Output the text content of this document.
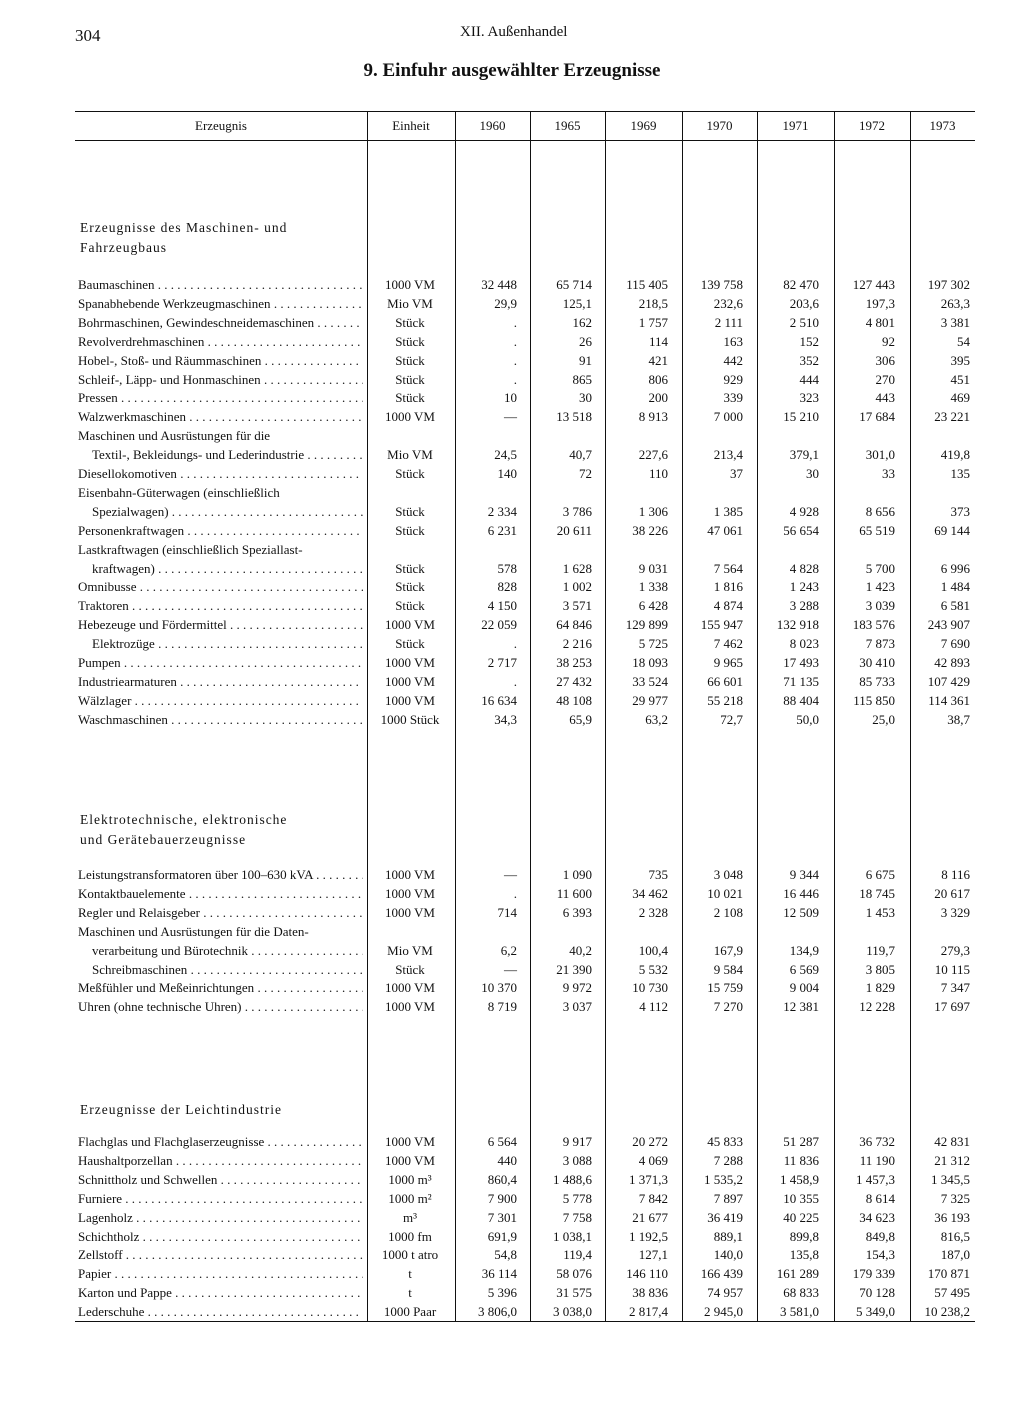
304	XII. Außenhandel
9. Einfuhr ausgewählter Erzeugnisse
Erzeugnis	Einheit	1960	1965	1969	1970	1971	1972	1973
Erzeugnisse des Maschinen- und
Fahrzeugbaus
Baumaschinen . . .	1000 VM	32 448	65 714	115 405	139 758	82 470	127 443	197 302
Spanabhebende Werkzeugmaschinen . . .	Mio VM	29,9	125,1	218,5	232,6	203,6	197,3	263,3
Bohrmaschinen, Gewindeschneidemaschinen . . .	Stück	.	162	1 757	2 111	2 510	4 801	3 381
Revolverdrehmaschinen . . .	Stück	.	26	114	163	152	92	54
Hobel-, Stoß- und Räummaschinen . . .	Stück	.	91	421	442	352	306	395
Schleif-, Läpp- und Honmaschinen . . .	Stück	.	865	806	929	444	270	451
Pressen . . .	Stück	10	30	200	339	323	443	469
Walzwerkmaschinen . . .	1000 VM	—	13 518	8 913	7 000	15 210	17 684	23 221
Maschinen und Ausrüstungen für die
Textil-, Bekleidungs- und Lederindustrie . . .	Mio VM	24,5	40,7	227,6	213,4	379,1	301,0	419,8
Diesellokomotiven . . .	Stück	140	72	110	37	30	33	135
Eisenbahn-Güterwagen (einschließlich
Spezialwagen) . . .	Stück	2 334	3 786	1 306	1 385	4 928	8 656	373
Personenkraftwagen . . .	Stück	6 231	20 611	38 226	47 061	56 654	65 519	69 144
Lastkraftwagen (einschließlich Speziallast-
kraftwagen) . . .	Stück	578	1 628	9 031	7 564	4 828	5 700	6 996
Omnibusse . . .	Stück	828	1 002	1 338	1 816	1 243	1 423	1 484
Traktoren . . .	Stück	4 150	3 571	6 428	4 874	3 288	3 039	6 581
Hebezeuge und Fördermittel . . .	1000 VM	22 059	64 846	129 899	155 947	132 918	183 576	243 907
Elektrozüge . . .	Stück	.	2 216	5 725	7 462	8 023	7 873	7 690
Pumpen . . .	1000 VM	2 717	38 253	18 093	9 965	17 493	30 410	42 893
Industriearmaturen . . .	1000 VM	.	27 432	33 524	66 601	71 135	85 733	107 429
Wälzlager . . .	1000 VM	16 634	48 108	29 977	55 218	88 404	115 850	114 361
Waschmaschinen . . .	1000 Stück	34,3	65,9	63,2	72,7	50,0	25,0	38,7
Elektrotechnische, elektronische
und Gerätebauerzeugnisse
Leistungstransformatoren über 100–630 kVA . . .	1000 VM	—	1 090	735	3 048	9 344	6 675	8 116
Kontaktbauelemente . . .	1000 VM	.	11 600	34 462	10 021	16 446	18 745	20 617
Regler und Relaisgeber . . .	1000 VM	714	6 393	2 328	2 108	12 509	1 453	3 329
Maschinen und Ausrüstungen für die Daten-
verarbeitung und Bürotechnik . . .	Mio VM	6,2	40,2	100,4	167,9	134,9	119,7	279,3
Schreibmaschinen . . .	Stück	—	21 390	5 532	9 584	6 569	3 805	10 115
Meßfühler und Meßeinrichtungen . . .	1000 VM	10 370	9 972	10 730	15 759	9 004	1 829	7 347
Uhren (ohne technische Uhren) . . .	1000 VM	8 719	3 037	4 112	7 270	12 381	12 228	17 697
Erzeugnisse der Leichtindustrie
Flachglas und Flachglaserzeugnisse . . .	1000 VM	6 564	9 917	20 272	45 833	51 287	36 732	42 831
Haushaltporzellan . . .	1000 VM	440	3 088	4 069	7 288	11 836	11 190	21 312
Schnittholz und Schwellen . . .	1000 m³	860,4	1 488,6	1 371,3	1 535,2	1 458,9	1 457,3	1 345,5
Furniere . . .	1000 m²	7 900	5 778	7 842	7 897	10 355	8 614	7 325
Lagenholz . . .	m³	7 301	7 758	21 677	36 419	40 225	34 623	36 193
Schichtholz . . .	1000 fm	691,9	1 038,1	1 192,5	889,1	899,8	849,8	816,5
Zellstoff . . .	1000 t atro	54,8	119,4	127,1	140,0	135,8	154,3	187,0
Papier . . .	t	36 114	58 076	146 110	166 439	161 289	179 339	170 871
Karton und Pappe . . .	t	5 396	31 575	38 836	74 957	68 833	70 128	57 495
Lederschuhe . . .	1000 Paar	3 806,0	3 038,0	2 817,4	2 945,0	3 581,0	5 349,0	10 238,2
